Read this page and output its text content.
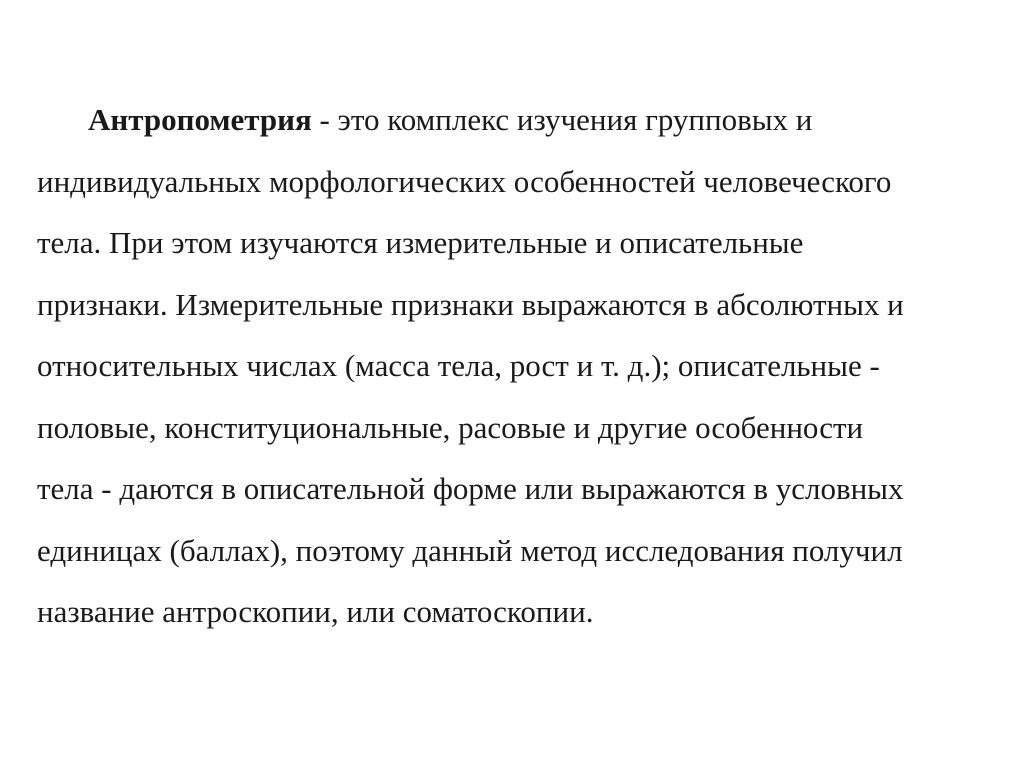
Антропометрия - это комплекс изучения групповых и
индивидуальных морфологических особенностей человеческого
тела. При этом изучаются измерительные и описательные
признаки. Измерительные признаки выражаются в абсолютных и
относительных числах (масса тела, рост и т. д.); описательные -
половые, конституциональные, расовые и другие особенности
тела - даются в описательной форме или выражаются в условных
единицах (баллах), поэтому данный метод исследования получил
название антроскопии, или соматоскопии.
